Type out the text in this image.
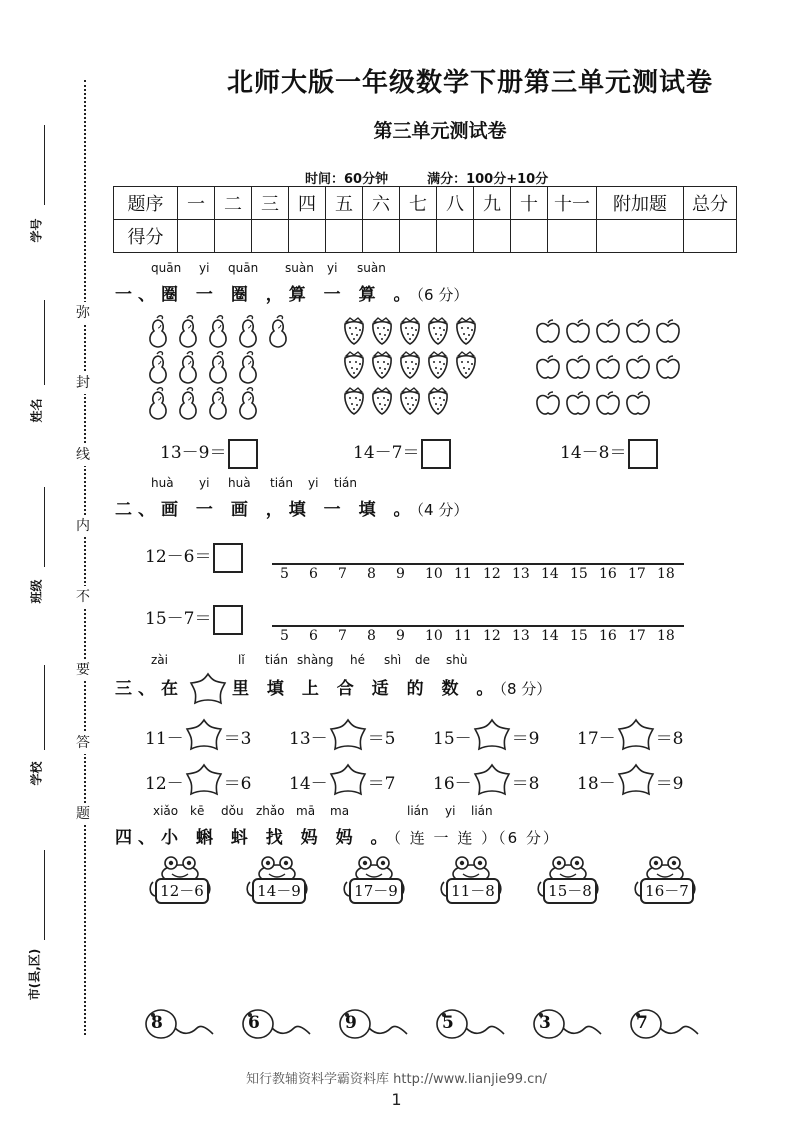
弥
封
线
内
不
要
答
题
学号
姓名
班级
学校
市(县,区)
北师大版一年级数学下册第三单元测试卷
第三单元测试卷
时间：60分钟　　　满分：100分+10分
题序	一	二	三	四	五	六	七	八	九	十	十一	附加题	总分
得分													
quān yi quān suàn yi suàn
一、圈 一 圈 ，算 一 算 。（6 分）
13－9＝	14－7＝	14－8＝
huà yi huà tián yi tián
二、画 一 画 ，填 一 填 。（4 分）
12－6＝
15－7＝
5 6 7 8 9 10 11 12 13 14 15 16 17 18
5 6 7 8 9 10 11 12 13 14 15 16 17 18
zài	lǐ tián shàng hé shì de shù
三、在	里 填 上 合 适 的 数 。（8 分）
11－ ＝3 13－ ＝5 15－ ＝9 17－ ＝8
12－ ＝6 14－ ＝7 16－ ＝8 18－ ＝9
xiǎo kē dǒu zhǎo mā ma	lián yi lián
四、小 蝌 蚪 找 妈 妈 。（ 连 一 连 ）（6 分）
12－6	14－9	17－9	11－8	15－8	16－7
8	6	9	5	3	7
知行教辅资料学霸资料库 http://www.lianjie99.cn/
1
